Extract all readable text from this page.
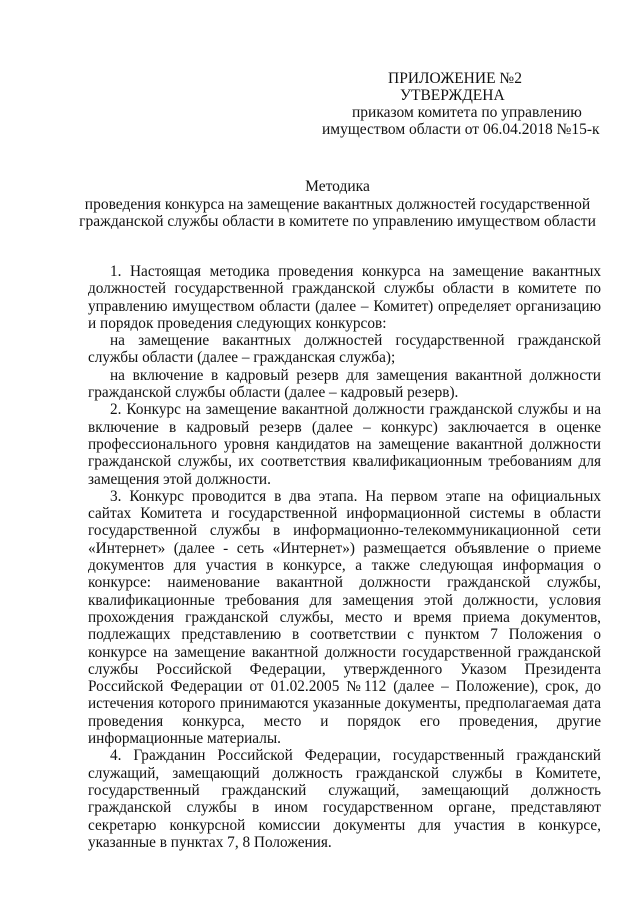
ПРИЛОЖЕНИЕ №2
УТВЕРЖДЕНА
приказом комитета по управлению
имуществом области от 06.04.2018 №15-к
Методика
проведения конкурса на замещение вакантных должностей государственной гражданской службы области в комитете по управлению имуществом области

1. Настоящая методика проведения конкурса на замещение вакантных должностей государственной гражданской службы области в комитете по управлению имуществом области (далее – Комитет) определяет организацию и порядок проведения следующих конкурсов:

на замещение вакантных должностей государственной гражданской службы области (далее – гражданская служба);

на включение в кадровый резерв для замещения вакантной должности гражданской службы области (далее – кадровый резерв).

2. Конкурс на замещение вакантной должности гражданской службы и на включение в кадровый резерв (далее – конкурс) заключается в оценке профессионального уровня кандидатов на замещение вакантной должности гражданской службы, их соответствия квалификационным требованиям для замещения этой должности.

3. Конкурс проводится в два этапа. На первом этапе на официальных сайтах Комитета и государственной информационной системы в области государственной службы в информационно-телекоммуникационной сети «Интернет» (далее - сеть «Интернет») размещается объявление о приеме документов для участия в конкурсе, а также следующая информация о конкурсе: наименование вакантной должности гражданской службы, квалификационные требования для замещения этой должности, условия прохождения гражданской службы, место и время приема документов, подлежащих представлению в соответствии с пунктом 7 Положения о конкурсе на замещение вакантной должности государственной гражданской службы Российской Федерации, утвержденного Указом Президента Российской Федерации от 01.02.2005 №112 (далее – Положение), срок, до истечения которого принимаются указанные документы, предполагаемая дата проведения конкурса, место и порядок его проведения, другие информационные материалы.

4. Гражданин Российской Федерации, государственный гражданский служащий, замещающий должность гражданской службы в Комитете, государственный гражданский служащий, замещающий должность гражданской службы в ином государственном органе, представляют секретарю конкурсной комиссии документы для участия в конкурсе, указанные в пунктах 7, 8 Положения.
